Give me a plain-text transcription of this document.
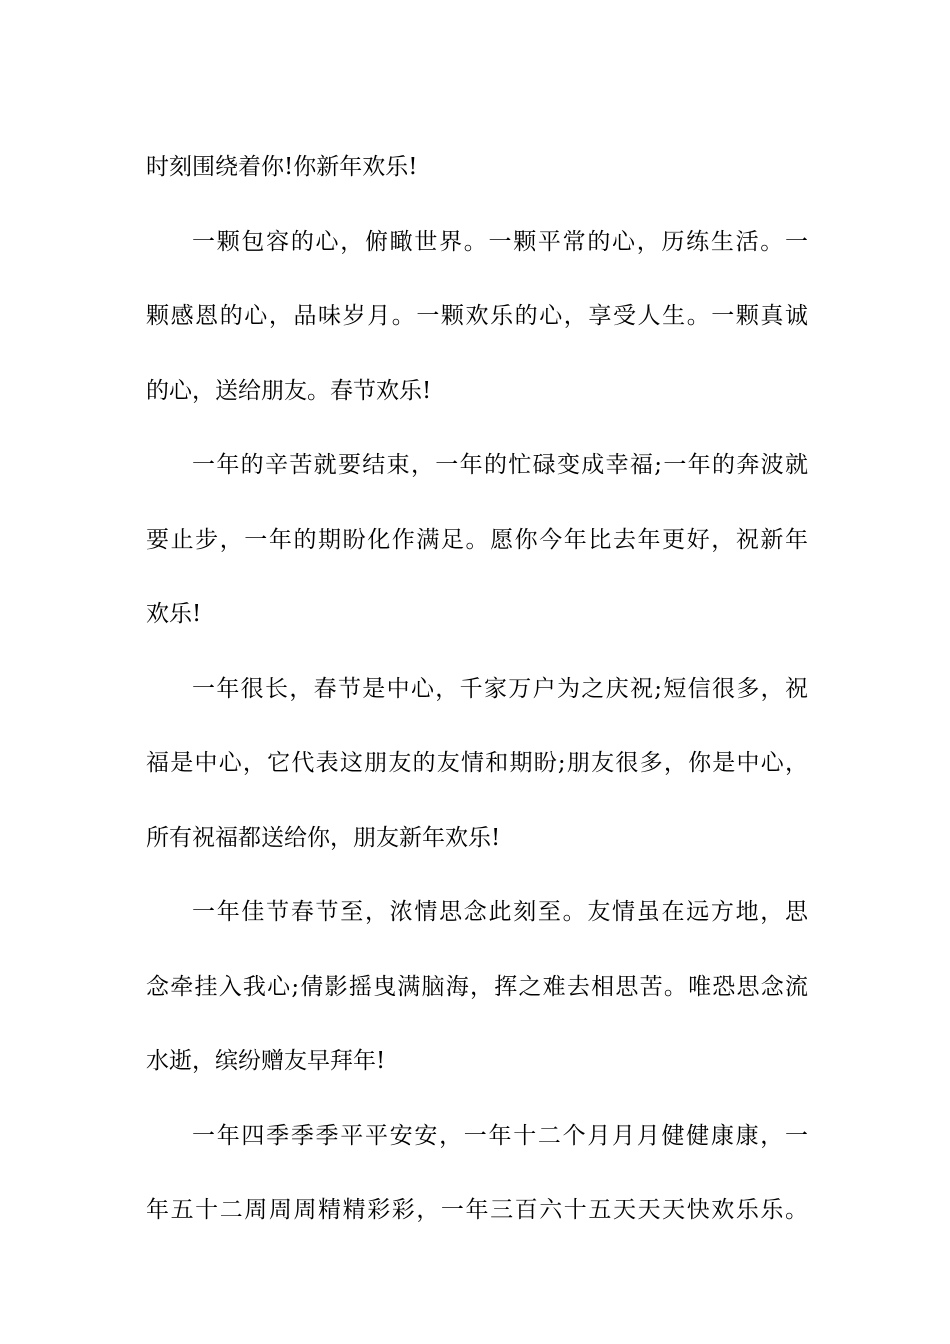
时刻围绕着你!你新年欢乐!
一颗包容的心，俯瞰世界。一颗平常的心，历练生活。一
颗感恩的心，品味岁月。一颗欢乐的心，享受人生。一颗真诚
的心，送给朋友。春节欢乐!
一年的辛苦就要结束，一年的忙碌变成幸福;一年的奔波就
要止步，一年的期盼化作满足。愿你今年比去年更好，祝新年
欢乐!
一年很长，春节是中心，千家万户为之庆祝;短信很多，祝
福是中心，它代表这朋友的友情和期盼;朋友很多，你是中心，
所有祝福都送给你，朋友新年欢乐!
一年佳节春节至，浓情思念此刻至。友情虽在远方地，思
念牵挂入我心;倩影摇曳满脑海，挥之难去相思苦。唯恐思念流
水逝，缤纷赠友早拜年!
一年四季季季平平安安，一年十二个月月月健健康康，一
年五十二周周周精精彩彩，一年三百六十五天天天快欢乐乐。
